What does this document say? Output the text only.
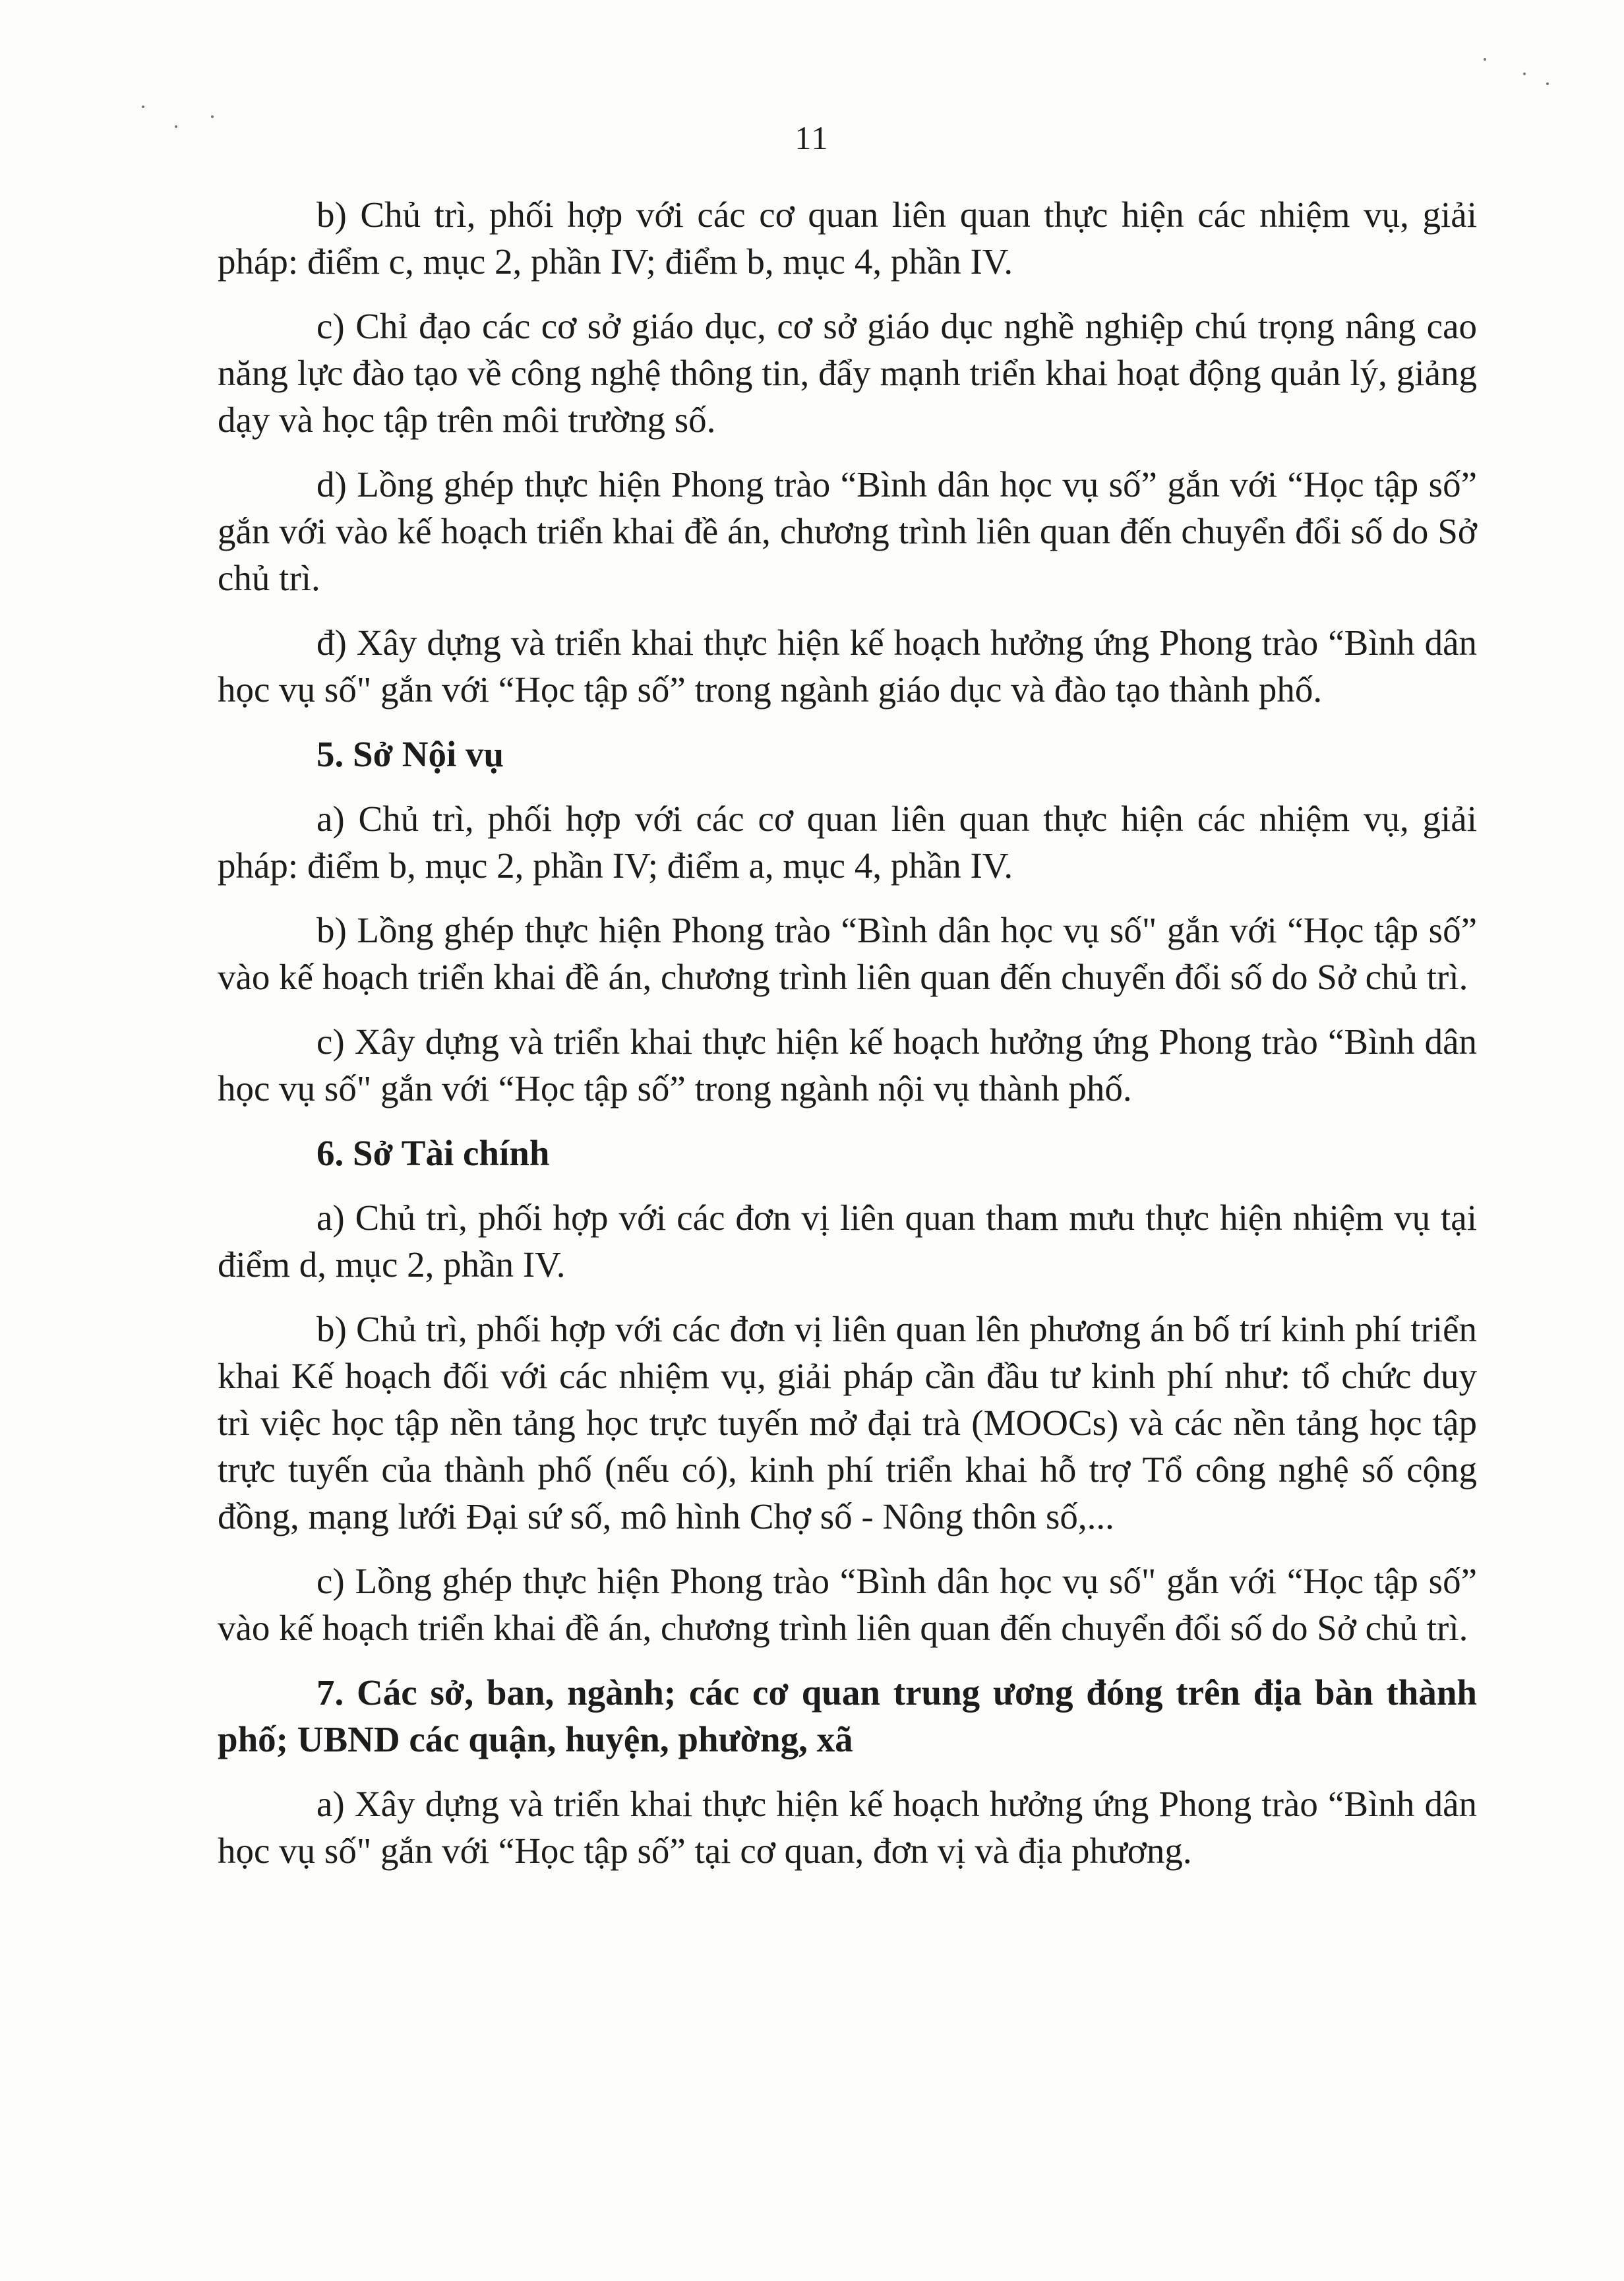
11

b) Chủ trì, phối hợp với các cơ quan liên quan thực hiện các nhiệm vụ, giải pháp: điểm c, mục 2, phần IV; điểm b, mục 4, phần IV.

c) Chỉ đạo các cơ sở giáo dục, cơ sở giáo dục nghề nghiệp chú trọng nâng cao năng lực đào tạo về công nghệ thông tin, đẩy mạnh triển khai hoạt động quản lý, giảng dạy và học tập trên môi trường số.

d) Lồng ghép thực hiện Phong trào “Bình dân học vụ số” gắn với “Học tập số” gắn với vào kế hoạch triển khai đề án, chương trình liên quan đến chuyển đổi số do Sở chủ trì.

đ) Xây dựng và triển khai thực hiện kế hoạch hưởng ứng Phong trào “Bình dân học vụ số" gắn với “Học tập số” trong ngành giáo dục và đào tạo thành phố.

5. Sở Nội vụ

a) Chủ trì, phối hợp với các cơ quan liên quan thực hiện các nhiệm vụ, giải pháp: điểm b, mục 2, phần IV; điểm a, mục 4, phần IV.

b) Lồng ghép thực hiện Phong trào “Bình dân học vụ số" gắn với “Học tập số” vào kế hoạch triển khai đề án, chương trình liên quan đến chuyển đổi số do Sở chủ trì.

c) Xây dựng và triển khai thực hiện kế hoạch hưởng ứng Phong trào “Bình dân học vụ số" gắn với “Học tập số” trong ngành nội vụ thành phố.

6. Sở Tài chính

a) Chủ trì, phối hợp với các đơn vị liên quan tham mưu thực hiện nhiệm vụ tại điểm d, mục 2, phần IV.

b) Chủ trì, phối hợp với các đơn vị liên quan lên phương án bố trí kinh phí triển khai Kế hoạch đối với các nhiệm vụ, giải pháp cần đầu tư kinh phí như: tổ chức duy trì việc học tập nền tảng học trực tuyến mở đại trà (MOOCs) và các nền tảng học tập trực tuyến của thành phố (nếu có), kinh phí triển khai hỗ trợ Tổ công nghệ số cộng đồng, mạng lưới Đại sứ số, mô hình Chợ số - Nông thôn số,...

c) Lồng ghép thực hiện Phong trào “Bình dân học vụ số" gắn với “Học tập số” vào kế hoạch triển khai đề án, chương trình liên quan đến chuyển đổi số do Sở chủ trì.

7. Các sở, ban, ngành; các cơ quan trung ương đóng trên địa bàn thành phố; UBND các quận, huyện, phường, xã

a) Xây dựng và triển khai thực hiện kế hoạch hưởng ứng Phong trào “Bình dân học vụ số" gắn với “Học tập số” tại cơ quan, đơn vị và địa phương.
